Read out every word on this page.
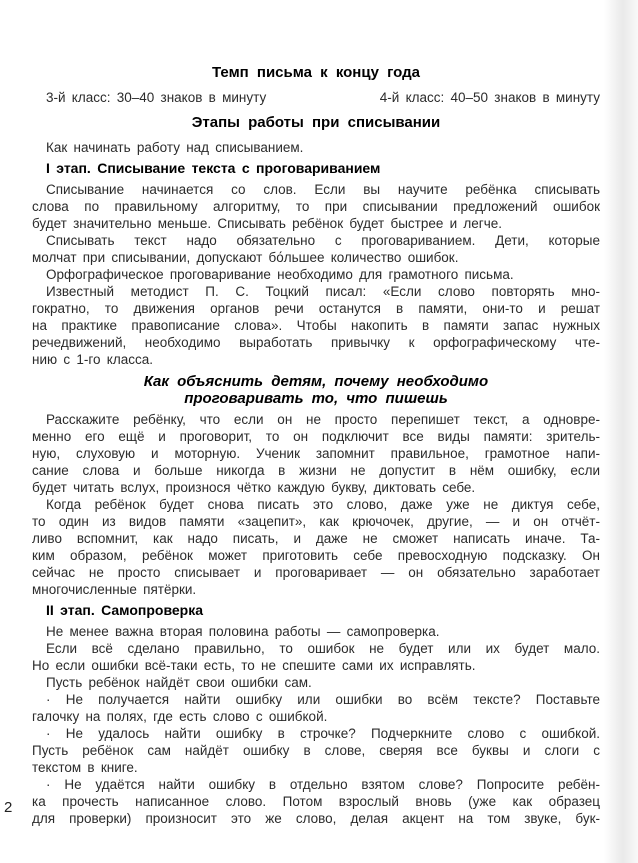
Темп письма к концу года
3-й класс: 30–40 знаков в минуту	4-й класс: 40–50 знаков в минуту
Этапы работы при списывании
Как начинать работу над списыванием.
I этап. Списывание текста с проговариванием
Списывание начинается со слов. Если вы научите ребёнка списывать
слова по правильному алгоритму, то при списывании предложений ошибок
будет значительно меньше. Списывать ребёнок будет быстрее и легче.
Списывать текст надо обязательно с проговариванием. Дети, которые
молчат при списывании, допускают бо́льшее количество ошибок.
Орфографическое проговаривание необходимо для грамотного письма.
Известный методист П. С. Тоцкий писал: «Если слово повторять мно-
гократно, то движения органов речи останутся в памяти, они-то и решат
на практике правописание слова». Чтобы накопить в памяти запас нужных
речедвижений, необходимо выработать привычку к орфографическому чте-
нию с 1-го класса.
Как объяснить детям, почему необходимо
проговаривать то, что пишешь
Расскажите ребёнку, что если он не просто перепишет текст, а одновре-
менно его ещё и проговорит, то он подключит все виды памяти: зритель-
ную, слуховую и моторную. Ученик запомнит правильное, грамотное напи-
сание слова и больше никогда в жизни не допустит в нём ошибку, если
будет читать вслух, произнося чётко каждую букву, диктовать себе.
Когда ребёнок будет снова писать это слово, даже уже не диктуя себе,
то один из видов памяти «зацепит», как крючочек, другие, — и он отчёт-
ливо вспомнит, как надо писать, и даже не сможет написать иначе. Та-
ким образом, ребёнок может приготовить себе превосходную подсказку. Он
сейчас не просто списывает и проговаривает — он обязательно заработает
многочисленные пятёрки.
II этап. Самопроверка
Не менее важна вторая половина работы — самопроверка.
Если всё сделано правильно, то ошибок не будет или их будет мало.
Но если ошибки всё-таки есть, то не спешите сами их исправлять.
Пусть ребёнок найдёт свои ошибки сам.
· Не получается найти ошибку или ошибки во всём тексте? Поставьте
галочку на полях, где есть слово с ошибкой.
· Не удалось найти ошибку в строчке? Подчеркните слово с ошибкой.
Пусть ребёнок сам найдёт ошибку в слове, сверяя все буквы и слоги с
текстом в книге.
· Не удаётся найти ошибку в отдельно взятом слове? Попросите ребён-
ка прочесть написанное слово. Потом взрослый вновь (уже как образец
для проверки) произносит это же слово, делая акцент на том звуке, бук-
2
